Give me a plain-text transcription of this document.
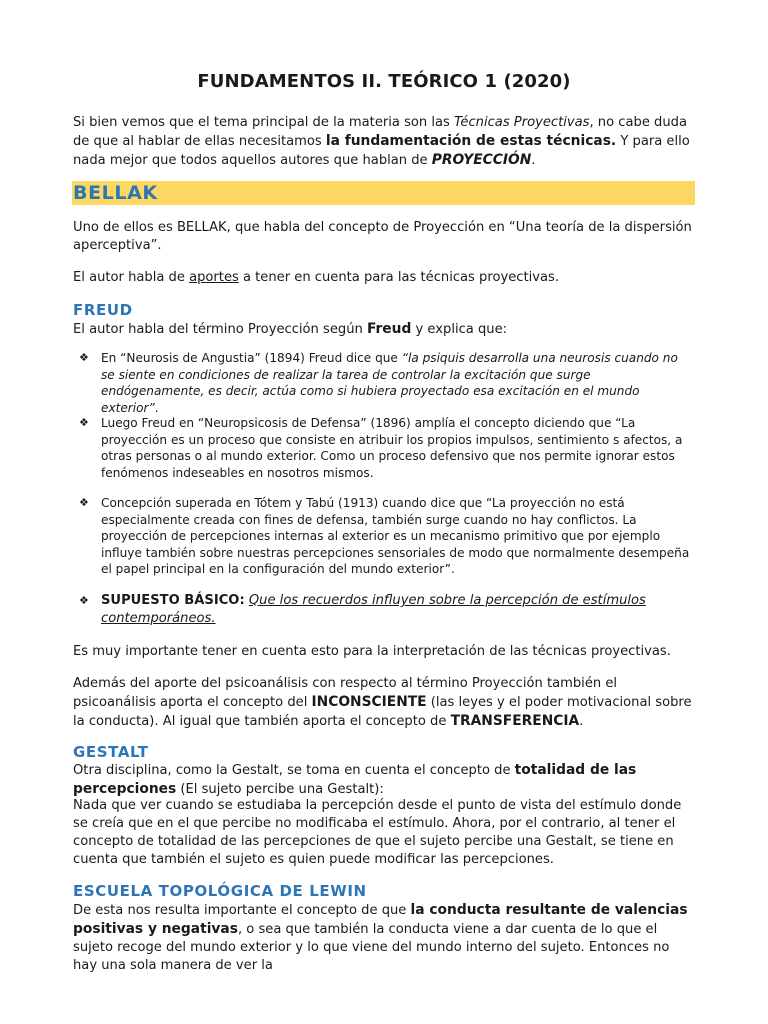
FUNDAMENTOS II. TEÓRICO 1 (2020)

Si bien vemos que el tema principal de la materia son las Técnicas Proyectivas, no cabe duda de que al hablar de ellas necesitamos la fundamentación de estas técnicas. Y para ello nada mejor que todos aquellos autores que hablan de PROYECCIÓN.

BELLAK

Uno de ellos es BELLAK, que habla del concepto de Proyección en “Una teoría de la dispersión aperceptiva”.

El autor habla de aportes a tener en cuenta para las técnicas proyectivas.

FREUD

El autor habla del término Proyección según Freud y explica que:

❖	En “Neurosis de Angustia” (1894) Freud dice que “la psiquis desarrolla una neurosis cuando no se siente en condiciones de realizar la tarea de controlar la excitación que surge endógenamente, es decir, actúa como si hubiera proyectado esa excitación en el mundo exterior”.
❖	Luego Freud en “Neuropsicosis de Defensa” (1896) amplía el concepto diciendo que “La proyección es un proceso que consiste en atribuir los propios impulsos, sentimiento s afectos, a otras personas o al mundo exterior. Como un proceso defensivo que nos permite ignorar estos fenómenos indeseables en nosotros mismos.
❖	Concepción superada en Tótem y Tabú (1913) cuando dice que “La proyección no está especialmente creada con fines de defensa, también surge cuando no hay conflictos. La proyección de percepciones internas al exterior es un mecanismo primitivo que por ejemplo influye también sobre nuestras percepciones sensoriales de modo que normalmente desempeña el papel principal en la configuración del mundo exterior”.
❖ SUPUESTO BÁSICO: Que los recuerdos influyen sobre la percepción de estímulos contemporáneos.

Es muy importante tener en cuenta esto para la interpretación de las técnicas proyectivas.

Además del aporte del psicoanálisis con respecto al término Proyección también el psicoanálisis aporta el concepto del INCONSCIENTE (las leyes y el poder motivacional sobre la conducta). Al igual que también aporta el concepto de TRANSFERENCIA.

GESTALT

Otra disciplina, como la Gestalt, se toma en cuenta el concepto de totalidad de las percepciones (El sujeto percibe una Gestalt):

Nada que ver cuando se estudiaba la percepción desde el punto de vista del estímulo donde se creía que en el que percibe no modificaba el estímulo. Ahora, por el contrario, al tener el concepto de totalidad de las percepciones de que el sujeto percibe una Gestalt, se tiene en cuenta que también el sujeto es quien puede modificar las percepciones.

ESCUELA TOPOLÓGICA DE LEWIN

De esta nos resulta importante el concepto de que la conducta resultante de valencias positivas y negativas, o sea que también la conducta viene a dar cuenta de lo que el sujeto recoge del mundo exterior y lo que viene del mundo interno del sujeto. Entonces no hay una sola manera de ver la
